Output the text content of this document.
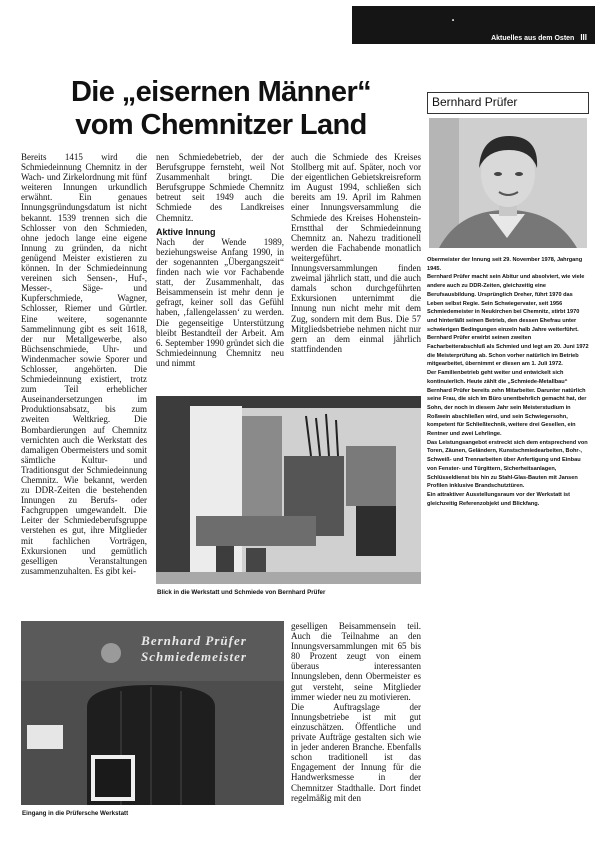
•
Aktuelles aus dem Osten III
Die „eisernen Männer“
vom Chemnitzer Land
Bernhard Prüfer

Bereits 1415 wird die Schmiedeinnung Chemnitz in der Wach- und Zirkelordnung mit fünf weiteren Innungen urkundlich erwähnt. Ein genaues Innungsgründungsdatum ist nicht bekannt. 1539 trennen sich die Schlosser von den Schmieden, ohne jedoch lange eine eigene Innung zu gründen, da nicht genügend Meister existieren zu können. In der Schmiedeinnung vereinen sich Sensen-, Huf-, Messer-, Säge- und Kupferschmiede, Wagner, Schlosser, Riemer und Gürtler. Eine weitere, sogenannte Sammelinnung gibt es seit 1618, der nur Metallgewerbe, also Büchsenschmiede, Uhr- und Windenmacher sowie Sporer und Schlosser, angehörten. Die Schmiedeinnung existiert, trotz zum Teil erheblicher Auseinandersetzungen im Produktionsabsatz, bis zum zweiten Weltkrieg. Die Bombardierungen auf Chemnitz vernichten auch die Werkstatt des damaligen Obermeisters und somit sämtliche Kultur- und Traditionsgut der Schmiedeinnung Chemnitz. Wie bekannt, werden zu DDR-Zeiten die bestehenden Innungen zu Berufs- oder Fachgruppen umgewandelt. Die Leiter der Schmiedeberufsgruppe verstehen es gut, ihre Mitglieder mit fachlichen Vorträgen, Exkursionen und gemütlich geselligen Veranstaltungen zusammenzuhalten. Es gibt kei-

nen Schmiedebetrieb, der der Berufsgruppe fernsteht, weil Not Zusammenhalt bringt. Die Berufsgruppe Schmiede Chemnitz betreut seit 1949 auch die Schmiede des Landkreises Chemnitz.

Aktive Innung

Nach der Wende 1989, beziehungsweise Anfang 1990, in der sogenannten „Übergangszeit“ finden nach wie vor Fachabende statt, der Zusammenhalt, das Beisammensein ist mehr denn je gefragt, keiner soll das Gefühl haben, ‚fallengelassen‘ zu werden. Die gegenseitige Unterstützung bleibt Bestandteil der Arbeit. Am 6. September 1990 gründet sich die Schmiedeinnung Chemnitz neu und nimmt

auch die Schmiede des Kreises Stollberg mit auf. Später, noch vor der eigentlichen Gebietskreisreform im August 1994, schließen sich bereits am 19. April im Rahmen einer Innungsversammlung die Schmiede des Kreises Hohenstein-Ernstthal der Schmiedeinnung Chemnitz an. Nahezu traditionell werden die Fachabende monatlich weitergeführt.

Innungsversammlungen finden zweimal jährlich statt, und die auch damals schon durchgeführten Exkursionen unternimmt die Innung nun nicht mehr mit dem Zug, sondern mit dem Bus. Die 57 Mitgliedsbetriebe nehmen nicht nur gern an dem einmal jährlich stattfindenden

geselligen Beisammensein teil. Auch die Teilnahme an den Innungsversammlungen mit 65 bis 80 Prozent zeugt von einem überaus interessanten Innungsleben, denn Obermeister es gut versteht, seine Mitglieder immer wieder neu zu motivieren.

Die Auftragslage der Innungsbetriebe ist mit gut einzuschätzen. Öffentliche und private Aufträge gestalten sich wie in jeder anderen Branche. Ebenfalls schon traditionell ist das Engagement der Innung für die Handwerksmesse in der Chemnitzer Stadthalle. Dort findet regelmäßig mit den

Obermeister der Innung seit 29. November 1978, Jahrgang 1945.

Bernhard Prüfer macht sein Abitur und absolviert, wie viele andere auch zu DDR-Zeiten, gleichzeitig eine Berufsausbildung. Ursprünglich Dreher, führt 1970 das Leben selbst Regie. Sein Schwiegervater, seit 1956 Schmiedemeister in Neukirchen bei Chemnitz, stirbt 1970 und hinterläßt seinen Betrieb, den dessen Ehefrau unter schwierigen Bedingungen einzeln halb Jahre weiterführt. Bernhard Prüfer erwirbt seinen zweiten Facharbeiterabschluß als Schmied und legt am 20. Juni 1972 die Meisterprüfung ab. Schon vorher natürlich im Betrieb mitgearbeitet, übernimmt er diesen am 1. Juli 1972.

Der Familienbetrieb geht weiter und entwickelt sich kontinuierlich. Heute zählt die „Schmiede-Metallbau“ Bernhard Prüfer bereits zehn Mitarbeiter. Darunter natürlich seine Frau, die sich im Büro unentbehrlich gemacht hat, der Sohn, der noch in diesem Jahr sein Meisterstudium in Roßwein abschließen wird, und sein Schwiegersohn, kompetent für Schließtechnik, weitere drei Gesellen, ein Rentner und zwei Lehrlinge.

Das Leistungsangebot erstreckt sich dem entsprechend von Toren, Zäunen, Geländern, Kunstschmiedearbeiten, Bohr-, Schweiß- und Trennarbeiten über Anfertigung und Einbau von Fenster- und Türgittern, Sicherheitsanlagen, Schlüsseldienst bis hin zu Stahl-Glas-Bauten mit Jansen Profilen inklusive Brandschutztüren.

Ein attraktiver Ausstellungsraum vor der Werkstatt ist gleichzeitig Referenzobjekt und Blickfang.

Blick in die Werkstatt und Schmiede von Bernhard Prüfer
Bernhard Prüfer
Schmiedemeister
Eingang in die Prüfersche Werkstatt
